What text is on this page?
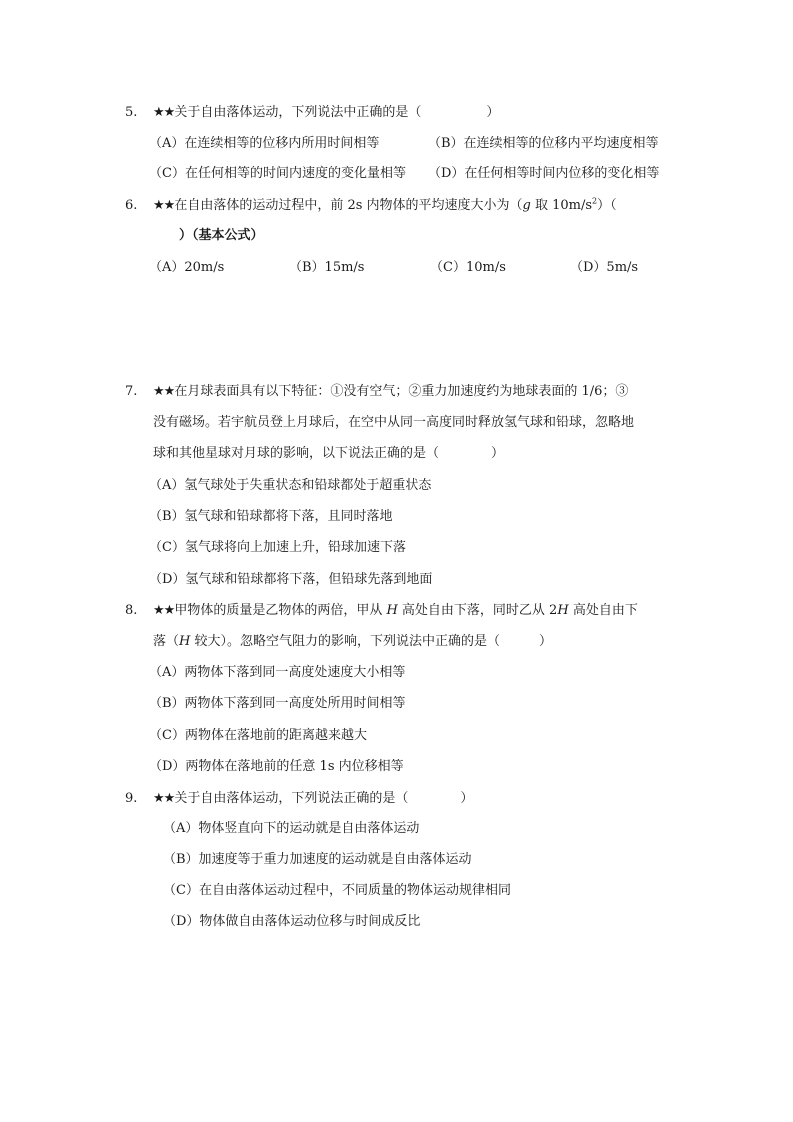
5. ★★关于自由落体运动，下列说法中正确的是（　　　　　）
（A）在连续相等的位移内所用时间相等	（B）在连续相等的位移内平均速度相等
（C）在任何相等的时间内速度的变化量相等 （D）在任何相等时间内位移的变化相等
6. ★★在自由落体的运动过程中，前 2s 内物体的平均速度大小为（g 取 $10m/s^2$）（
　　）（基本公式）
（A）20m/s	（B）15m/s	（C）10m/s	（D）5m/s
7. ★★在月球表面具有以下特征：①没有空气；②重力加速度约为地球表面的 1/6；③
没有磁场。若宇航员登上月球后，在空中从同一高度同时释放氢气球和铅球，忽略地
球和其他星球对月球的影响，以下说法正确的是（　　　　）
（A）氢气球处于失重状态和铅球都处于超重状态
（B）氢气球和铅球都将下落，且同时落地
（C）氢气球将向上加速上升，铅球加速下落
（D）氢气球和铅球都将下落，但铅球先落到地面
8. ★★甲物体的质量是乙物体的两倍，甲从 H 高处自由下落，同时乙从 2H 高处自由下
落（H 较大）。忽略空气阻力的影响，下列说法中正确的是（　　　）
（A）两物体下落到同一高度处速度大小相等
（B）两物体下落到同一高度处所用时间相等
（C）两物体在落地前的距离越来越大
（D）两物体在落地前的任意 1s 内位移相等
9. ★★关于自由落体运动，下列说法正确的是（　　　　）
（A）物体竖直向下的运动就是自由落体运动
（B）加速度等于重力加速度的运动就是自由落体运动
（C）在自由落体运动过程中，不同质量的物体运动规律相同
（D）物体做自由落体运动位移与时间成反比
